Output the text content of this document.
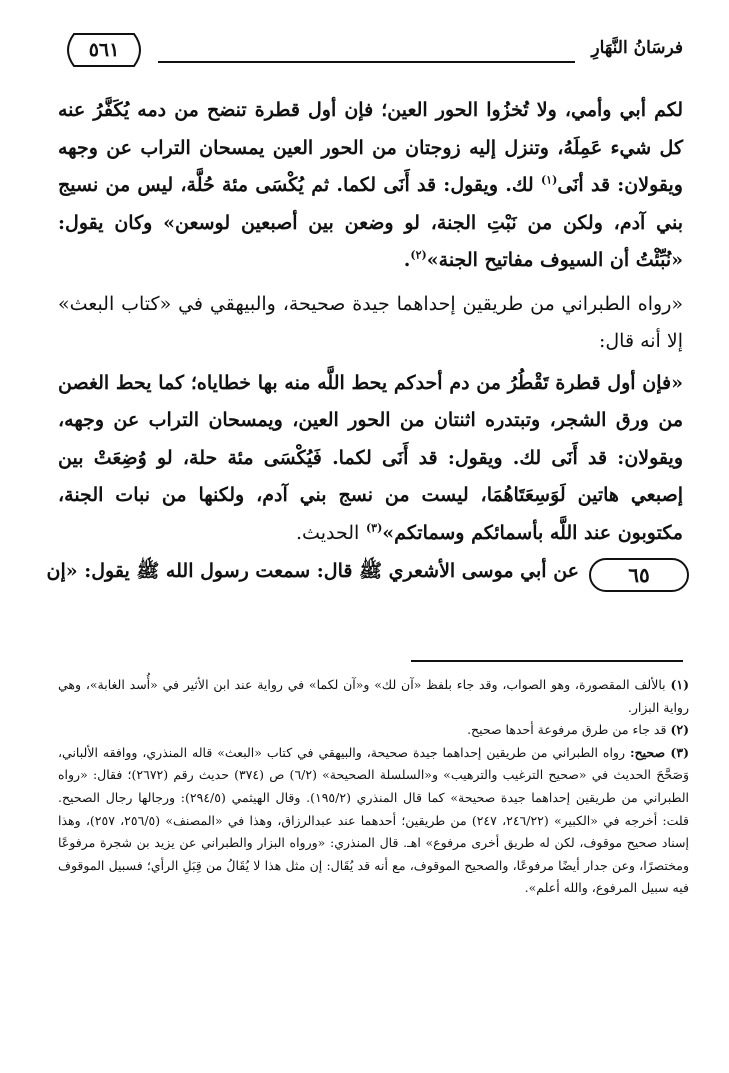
فرسَانُ النَّهَارِ
٥٦١

لكم أبي وأمي، ولا تُخزُوا الحور العين؛ فإن أول قطرة تنضح من دمه يُكَفَّرُ عنه كل شيء عَمِلَهُ، وتنزل إليه زوجتان من الحور العين يمسحان التراب عن وجهه ويقولان: قد أنَى$^{(١)}$ لك. ويقول: قد أَنَى لكما. ثم يُكْسَى مئة حُلَّة، ليس من نسيج بني آدم، ولكن من نَبْتِ الجنة، لو وضعن بين أصبعين لوسعن» وكان يقول: «نُبِّئْتُ أن السيوف مفاتيح الجنة»$^{(٢)}$.

«رواه الطبراني من طريقين إحداهما جيدة صحيحة، والبيهقي في «كتاب البعث» إلا أنه قال:

«فإن أول قطرة تَقْطُرُ من دم أحدكم يحط اللَّه منه بها خطاياه؛ كما يحط الغصن من ورق الشجر، وتبتدره اثنتان من الحور العين، ويمسحان التراب عن وجهه، ويقولان: قد أَنَى لك. ويقول: قد أَنَى لكما. فَيُكْسَى مئة حلة، لو وُضِعَتْ بين إصبعي هاتين لَوَسِعَتَاهُمَا، ليست من نسج بني آدم، ولكنها من نبات الجنة، مكتوبون عند اللَّه بأسمائكم وسماتكم»$^{(٣)}$ الحديث.

٦٥
عن أبي موسى الأشعري ﷺ قال: سمعت رسول الله ﷺ يقول: «إن

(١) بالألف المقصورة، وهو الصواب، وقد جاء بلفظ «آن لك» و«آن لكما» في رواية عند ابن الأثير في «أُسد الغابة»، وهي رواية البزار.

(٢) قد جاء من طرق مرفوعة أحدها صحيح.

(٣) صحيح: رواه الطبراني من طريقين إحداهما جيدة صحيحة، والبيهقي في كتاب «البعث» قاله المنذري، ووافقه الألباني، وَصَحَّحَ الحديث في «صحيح الترغيب والترهيب» و«السلسلة الصحيحة» (٦/٢) ص (٣٧٤) حديث رقم (٢٦٧٢)؛ فقال: «رواه الطبراني من طريقين إحداهما جيدة صحيحة» كما قال المنذري (١٩٥/٢). وقال الهيثمي (٢٩٤/٥): ورجالها رجال الصحيح. قلت: أخرجه في «الكبير» (٢٤٦/٢٢، ٢٤٧) من طريقين؛ أحدهما عند عبدالرزاق، وهذا في «المصنف» (٢٥٦/٥، ٢٥٧)، وهذا إسناد صحيح موقوف، لكن له طريق أخرى مرفوع» اهـ. قال المنذري: «ورواه البزار والطبراني عن يزيد بن شجرة مرفوعًا ومختصرًا، وعن جدار أيضًا مرفوعًا، والصحيح الموقوف، مع أنه قد يُقَال: إن مثل هذا لا يُقَالُ من قِبَلِ الرأي؛ فسبيل الموقوف فيه سبيل المرفوع، والله أعلم».
